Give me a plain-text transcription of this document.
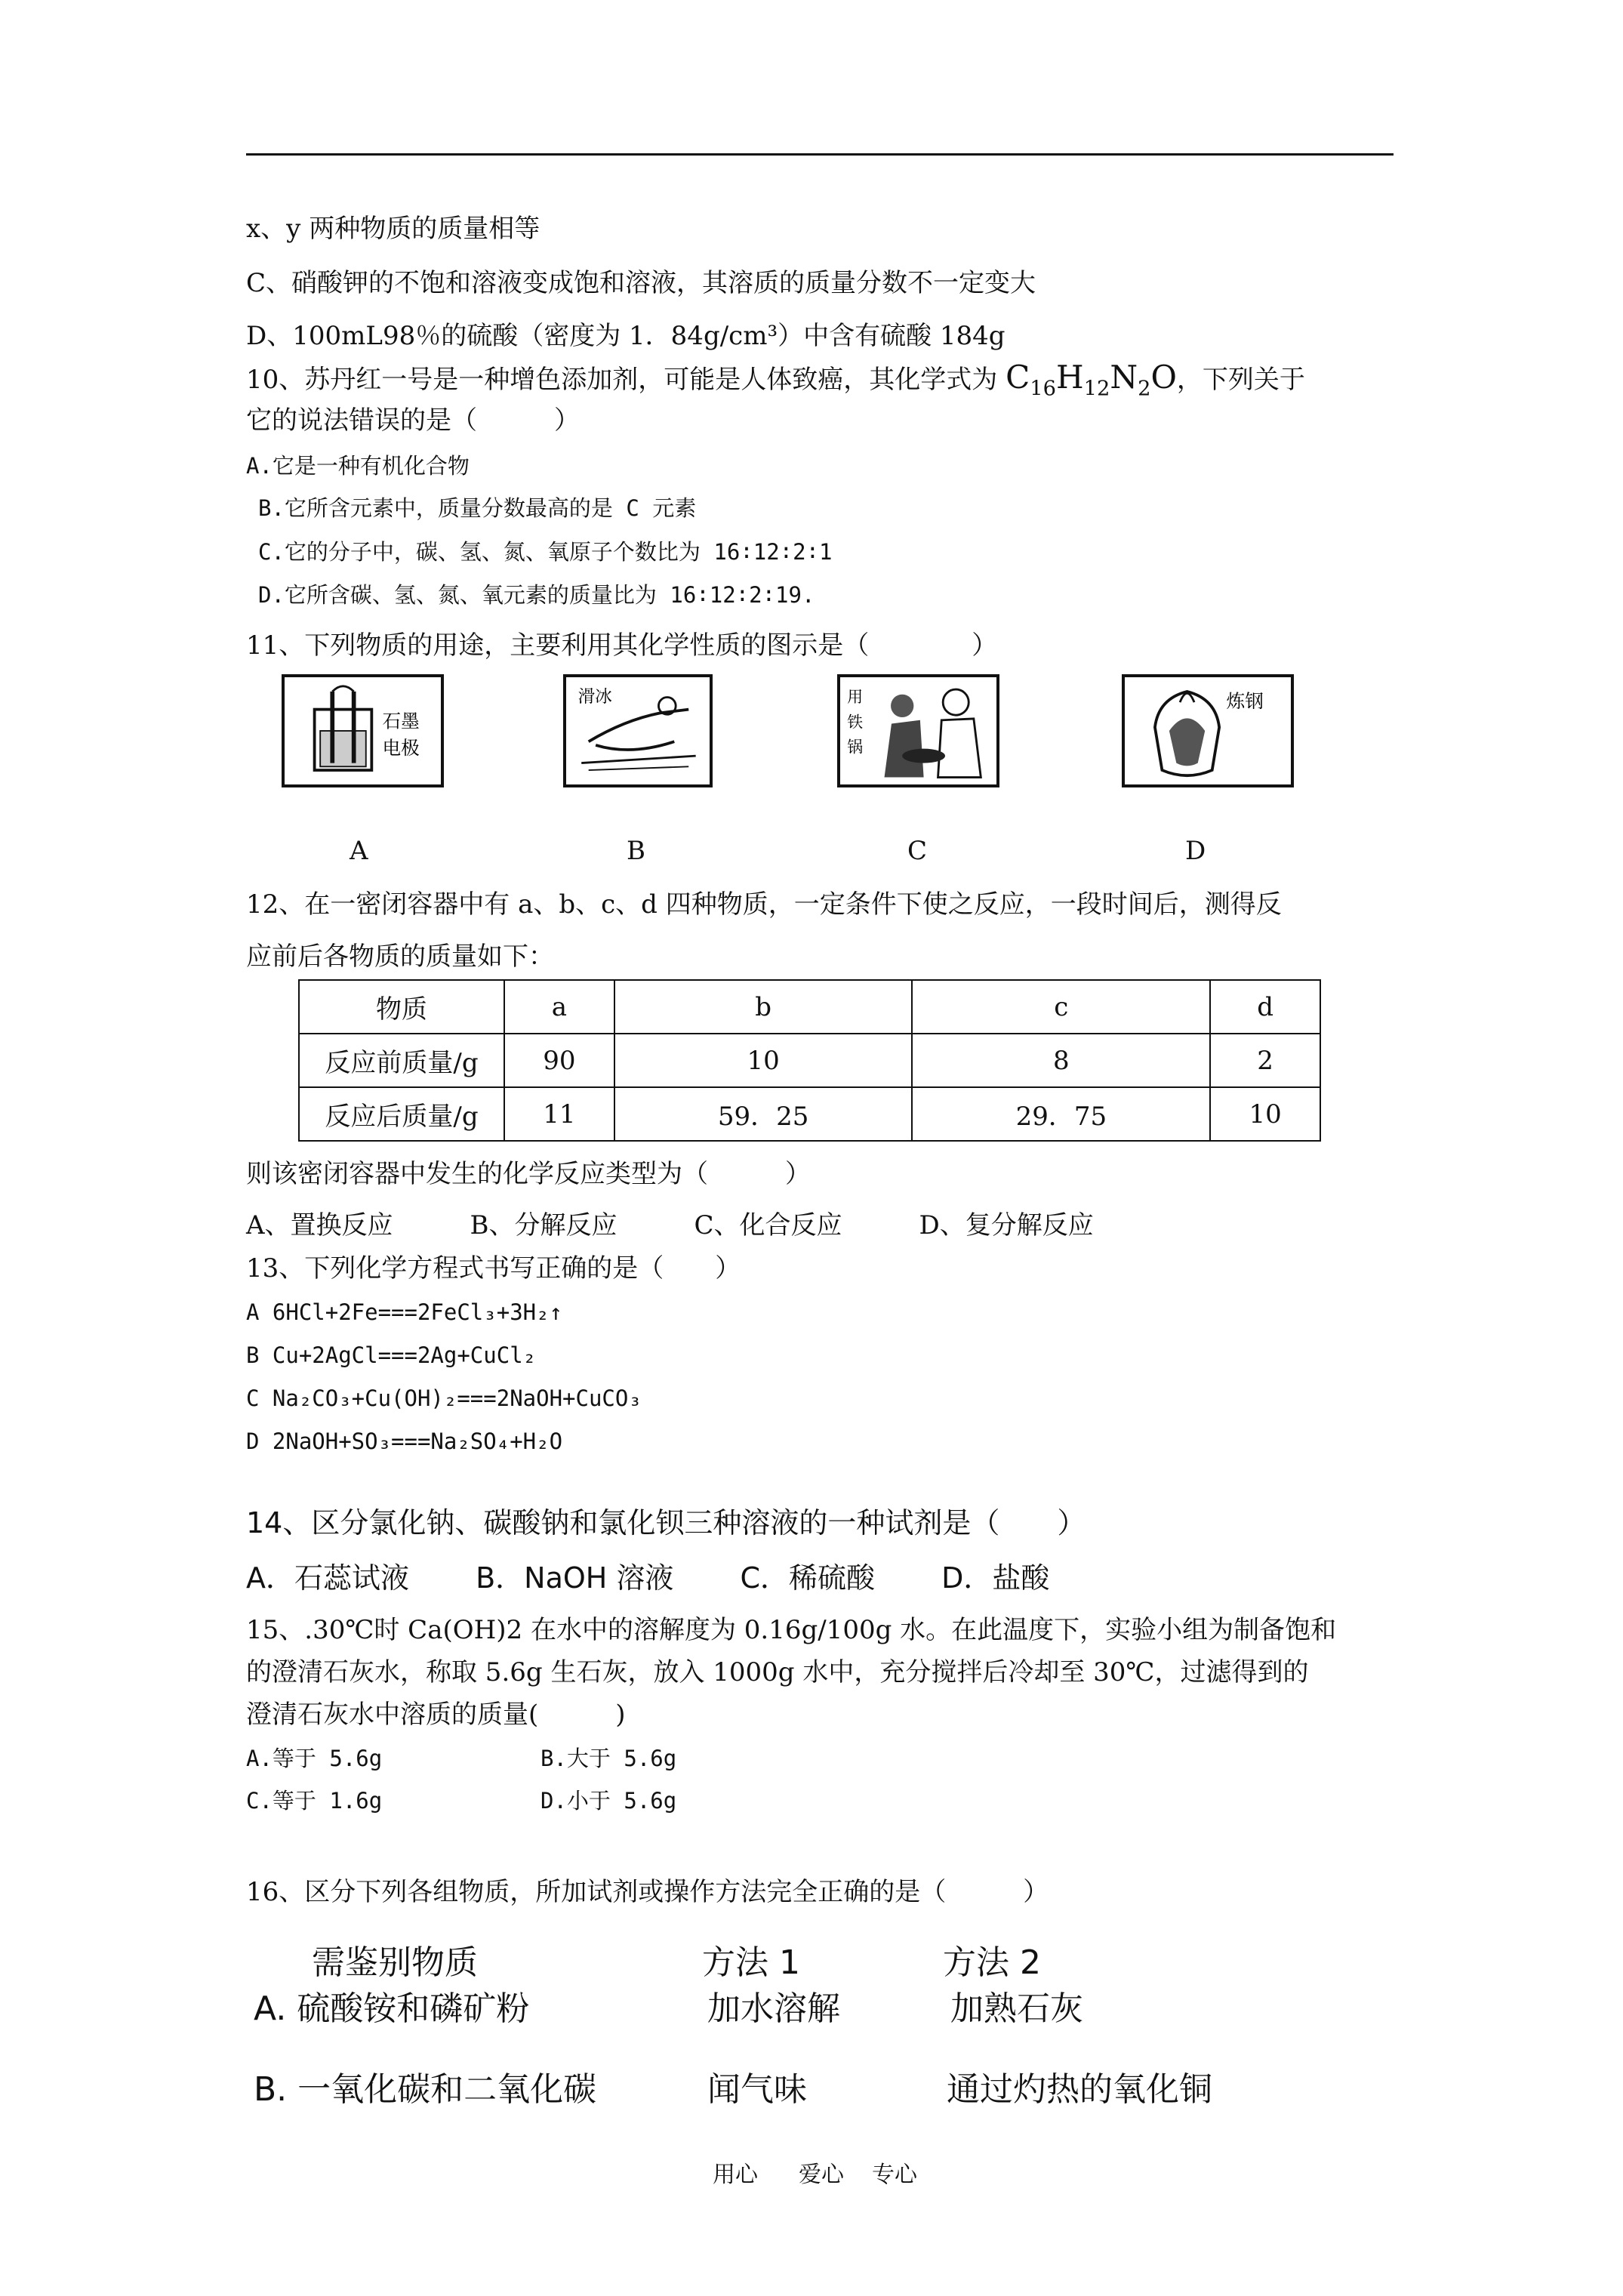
x、y 两种物质的质量相等
C、硝酸钾的不饱和溶液变成饱和溶液，其溶质的质量分数不一定变大
D、100mL98％的硫酸（密度为 1．84g/cm³）中含有硫酸 184g
10、苏丹红一号是一种增色添加剂，可能是人体致癌，其化学式为 $C_{16}H_{12}N_2O$，下列关于
它的说法错误的是（　　　）
A.它是一种有机化合物
B.它所含元素中，质量分数最高的是 C 元素
C.它的分子中，碳、氢、氮、氧原子个数比为 16∶12∶2∶1
D.它所含碳、氢、氮、氧元素的质量比为 16∶12∶2∶19.
11、下列物质的用途，主要利用其化学性质的图示是（　　　　）
石墨
电极
滑冰	用
铁
锅
炼钢
A	B	C	D
12、在一密闭容器中有 a、b、c、d 四种物质，一定条件下使之反应，一段时间后，测得反
应前后各物质的质量如下：
物质	a	b	c	d
反应前质量/g	90	10	8	2
反应后质量/g	11	59．25	29．75	10
则该密闭容器中发生的化学反应类型为（　　　）
A、置换反应　　　B、分解反应　　　C、化合反应　　　D、复分解反应
13、下列化学方程式书写正确的是（　　）
A 6HCl+2Fe===2FeCl₃+3H₂↑
B Cu+2AgCl===2Ag+CuCl₂
C Na₂CO₃+Cu(OH)₂===2NaOH+CuCO₃
D 2NaOH+SO₃===Na₂SO₄+H₂O
14、区分氯化钠、碳酸钠和氯化钡三种溶液的一种试剂是（　　）
A．石蕊试液　　 B．NaOH 溶液　　 C．稀硫酸　　 D．盐酸
15、.30℃时 Ca(OH)2 在水中的溶解度为 0.16g/100g 水。在此温度下，实验小组为制备饱和
的澄清石灰水，称取 5.6g 生石灰，放入 1000g 水中，充分搅拌后冷却至 30℃，过滤得到的
澄清石灰水中溶质的质量(　　　)
A.等于 5.6g	B.大于 5.6g
C.等于 1.6g	D.小于 5.6g
16、区分下列各组物质，所加试剂或操作方法完全正确的是（　　　）
需鉴别物质	方法 1	方法 2
A. 硫酸铵和磷矿粉	加水溶解	加熟石灰
B. 一氧化碳和二氧化碳	闻气味	通过灼热的氧化铜
用心 爱心 专心
